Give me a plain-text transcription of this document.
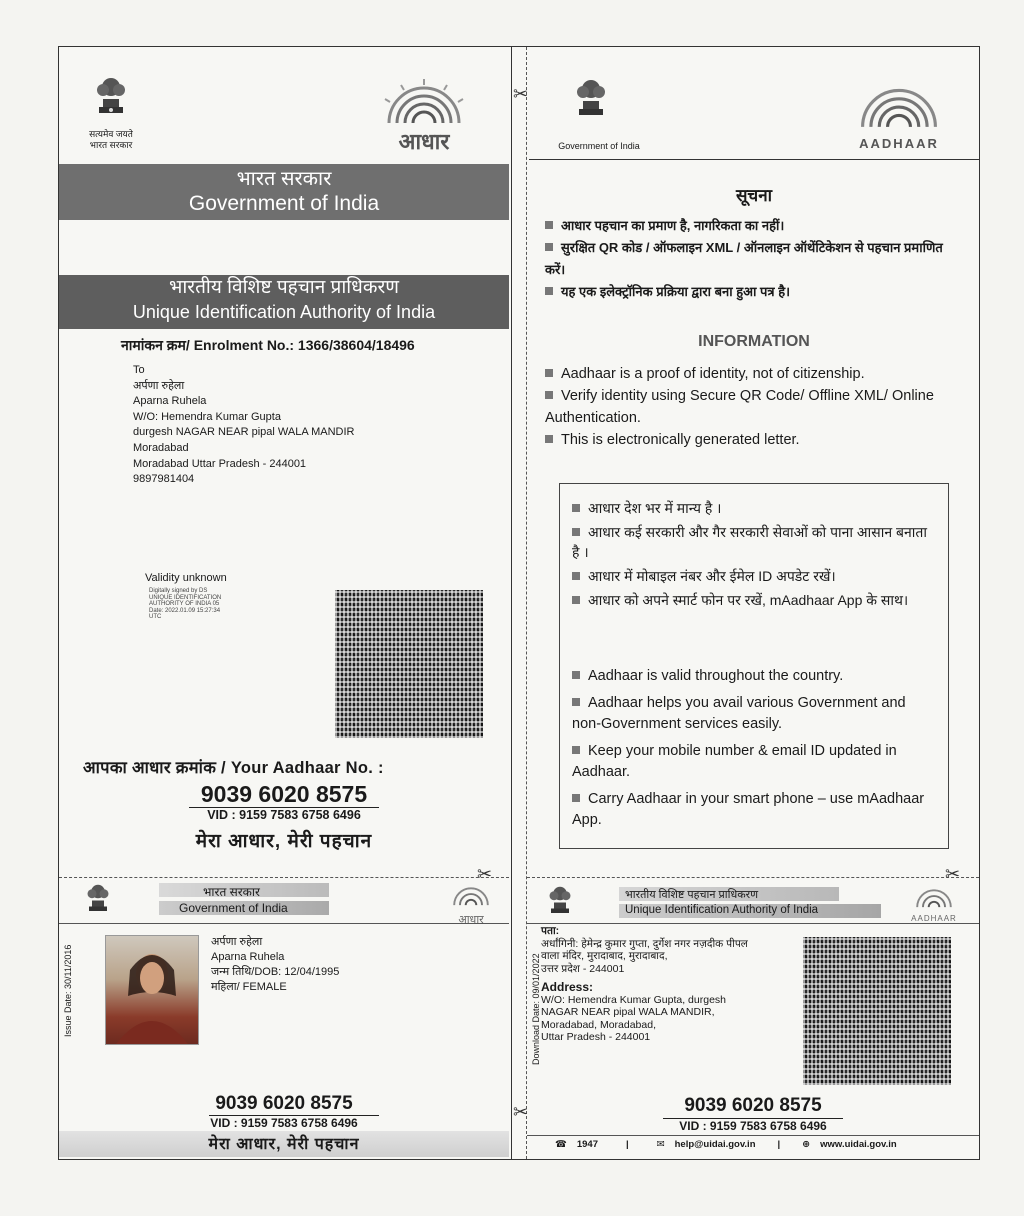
✂
✂
✂	✂
सत्यमेव जयते
भारत सरकार	आधार
भारत सरकार
Government of India
भारतीय विशिष्ट पहचान प्राधिकरण
Unique Identification Authority of India
नामांकन क्रम/ Enrolment No.: 1366/38604/18496
To
अर्पणा रुहेला
Aparna Ruhela
W/O: Hemendra Kumar Gupta
durgesh NAGAR NEAR pipal WALA MANDIR
Moradabad
Moradabad Uttar Pradesh - 244001
9897981404
Validity unknown
Digitally signed by DS
UNIQUE IDENTIFICATION
AUTHORITY OF INDIA 05
Date: 2022.01.09 15:27:34
UTC
आपका आधार क्रमांक / Your Aadhaar No. :
9039 6020 8575
VID : 9159 7583 6758 6496
मेरा आधार, मेरी पहचान
Government of India	AADHAAR
सूचना
आधार पहचान का प्रमाण है, नागरिकता का नहीं।
सुरक्षित QR कोड / ऑफलाइन XML / ऑनलाइन ऑथेंटिकेशन से पहचान प्रमाणित करें।
यह एक इलेक्ट्रॉनिक प्रक्रिया द्वारा बना हुआ पत्र है।
INFORMATION
Aadhaar is a proof of identity, not of citizenship.
Verify identity using Secure QR Code/ Offline XML/ Online Authentication.
This is electronically generated letter.
आधार देश भर में मान्य है ।
आधार कई सरकारी और गैर सरकारी सेवाओं को पाना आसान बनाता है ।
आधार में मोबाइल नंबर और ईमेल ID अपडेट रखें।
आधार को अपने स्मार्ट फोन पर रखें, mAadhaar App के साथ।
Aadhaar is valid throughout the country.
Aadhaar helps you avail various Government and non-Government services easily.
Keep your mobile number & email ID updated in Aadhaar.
Carry Aadhaar in your smart phone – use mAadhaar App.
भारत सरकार
Government of India
आधार
Issue Date: 30/11/2016
अर्पणा रुहेला
Aparna Ruhela
जन्म तिथि/DOB: 12/04/1995
महिला/ FEMALE
9039 6020 8575
VID : 9159 7583 6758 6496
मेरा आधार, मेरी पहचान
भारतीय विशिष्ट पहचान प्राधिकरण
Unique Identification Authority of India
AADHAAR
Download Date: 09/01/2022
पता:
अर्धांगिनी: हेमेन्द्र कुमार गुप्ता, दुर्गेश नगर नज़दीक पीपल
वाला मंदिर, मुरादाबाद, मुरादाबाद,
उत्तर प्रदेश - 244001
Address:
W/O: Hemendra Kumar Gupta, durgesh
NAGAR NEAR pipal WALA MANDIR,
Moradabad, Moradabad,
Uttar Pradesh - 244001
9039 6020 8575
VID : 9159 7583 6758 6496
☎ 1947	|	✉ help@uidai.gov.in | ⊕ www.uidai.gov.in
